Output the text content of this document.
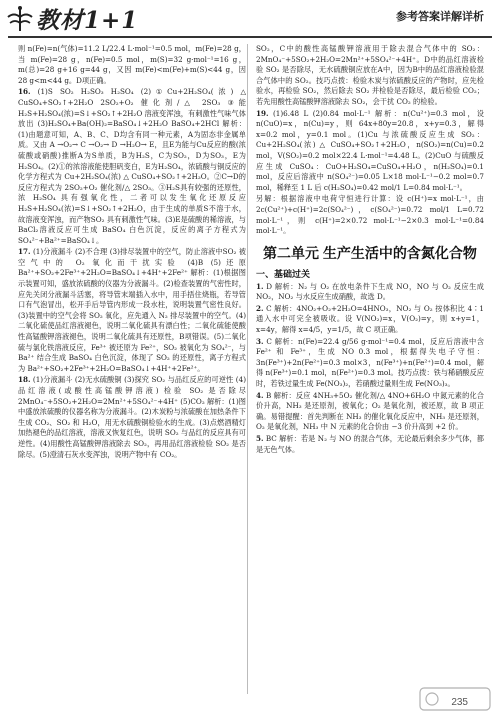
教材1+1	参考答案详解详析

则 n(Fe)=n(气体)=11.2 L/22.4 L·mol⁻¹=0.5 mol，m(Fe)=28 g，当 m(Fe)=28 g，n(Fe)=0.5 mol，m(S)=32 g·mol⁻¹=16 g，m(总)=28 g+16 g=44 g，又因 m(Fe)<m(Fe)+m(S)<44 g，因 28 g<m<44 g。D项正确。

16. (1)S SO₂ H₂SO₃ H₂SO₄ (2)①Cu+2H₂SO₄(浓) △ CuSO₄+SO₂↑+2H₂O 2SO₂+O₂ 催化剂/△ 2SO₃ ③能 H₂S+H₂SO₄(浓)=S↓+SO₂↑+2H₂O 溶液变浑浊，有刺激性气味气体放出 (3)H₂SO₄+Ba(OH)₂=BaSO₄↓+2H₂O BaSO₄+2HCl 解析：(1)由题意可知，A、B、C、D均含有同一种元素，A为固态非金属单质。又由 A →O₂→ C →O₂→ D →H₂O→ E，且E为能与Cu反应的酸(浓硫酸或硝酸)推断A为S单质，B为H₂S，C为SO₂，D为SO₃，E为H₂SO₄。(2)①的浓溶液能使胆矾变白，E为H₂SO₄，浓硫酸与铜反应的化学方程式为 Cu+2H₂SO₄(浓) △ CuSO₄+SO₂↑+2H₂O。②C→D的反应方程式为 2SO₂+O₂ 催化剂/△ 2SO₃。③H₂S具有较强的还原性，浓 H₂SO₄ 具有强氧化性，二者可以发生氧化还原反应 H₂S+H₂SO₄(浓)=S↓+SO₂↑+2H₂O，由于生成的单质S不溶于水，故溶液变浑浊，而产物SO₂ 具有刺激性气味。(3)E是硫酸的稀溶液，与BaCl₂溶液反应可生成 BaSO₄ 白色沉淀，反应的离子方程式为 SO₄²⁻+Ba²⁺=BaSO₄↓。

17. (1)分液漏斗 (2)不合理 (3)排尽装置中的空气，防止溶液中SO₂ 被空气中的 O₂ 氧化而干扰实验 (4)B (5)还原 Ba²⁺+SO₂+2Fe³⁺+2H₂O=BaSO₄↓+4H⁺+2Fe²⁺ 解析：(1)根据图示装置可知，盛放浓硫酸的仪器为分液漏斗。(2)检查装置的气密性时，应先关闭分液漏斗活塞，将导管末端插入水中，用手捂住烧瓶，若导管口有气泡冒出，松开手后导管内形成一段水柱，说明装置气密性良好。(3)装置中的空气会将 SO₂ 氧化，应先通入 N₂ 排尽装置中的空气。(4)二氧化硫使品红溶液褪色，说明二氧化硫具有漂白性；二氧化硫能使酸性高锰酸钾溶液褪色，说明二氧化硫具有还原性，B项错误。(5)二氧化硫与氯化铁溶液反应，Fe³⁺ 被还原为 Fe²⁺，SO₂ 被氧化为 SO₄²⁻，与 Ba²⁺ 结合生成 BaSO₄ 白色沉淀，体现了 SO₂ 的还原性，离子方程式为 Ba²⁺+SO₂+2Fe³⁺+2H₂O=BaSO₄↓+4H⁺+2Fe²⁺。

18. (1)分液漏斗 (2)无水硫酸铜 (3)探究 SO₂ 与品红反应的可逆性 (4)品红溶液(或酸性高锰酸钾溶液) 检验 SO₂ 是否除尽 2MnO₄⁻+5SO₂+2H₂O=2Mn²⁺+5SO₄²⁻+4H⁺ (5)CO₂ 解析：(1)图中盛放浓硫酸的仪器名称为分液漏斗。(2)木炭粉与浓硫酸在加热条件下生成 CO₂、SO₂ 和 H₂O，用无水硫酸铜检验水的生成。(3)点燃酒精灯加热褪色的品红溶液，溶液又恢复红色，说明 SO₂ 与品红的反应具有可逆性。(4)用酸性高锰酸钾溶液除去 SO₂，再用品红溶液检验 SO₂ 是否除尽。(5)澄清石灰水变浑浊，说明产物中有 CO₂。

SO₂，C中的酸性高锰酸钾溶液用于除去混合气体中的 SO₂：2MnO₄⁻+5SO₂+2H₂O=2Mn²⁺+5SO₄²⁻+4H⁺。D中的品红溶液检验 SO₂ 是否除尽，无水硫酸铜应放在A中，因为B中的品红溶液检验混合气体中的 SO₂。技巧点拨：检验木炭与浓硫酸反应的产物时，应先检验水，再检验 SO₂，然后除去 SO₂ 并检验是否除尽，最后检验 CO₂；若先用酸性高锰酸钾溶液除去 SO₂，会干扰 CO₂ 的检验。

19. (1)6.48 L (2)0.84 mol·L⁻¹ 解析：n(Cu²⁺)=0.3 mol，设 n(CuO)=x，n(Cu)=y，则 64x+80y=20.8，x+y=0.3，解得 x=0.2 mol，y=0.1 mol。(1)Cu 与浓硫酸反应生成 SO₂：Cu+2H₂SO₄(浓) △ CuSO₄+SO₂↑+2H₂O，n(SO₂)=n(Cu)=0.2 mol，V(SO₂)=0.2 mol×22.4 L·mol⁻¹=4.48 L。(2)CuO 与硫酸反应生成 CuSO₄：CuO+H₂SO₄=CuSO₄+H₂O，n(H₂SO₄)=0.1 mol，反应后溶液中 n(SO₄²⁻)=0.05 L×18 mol·L⁻¹−0.2 mol=0.7 mol，稀释至 1 L 后 c(H₂SO₄)=0.42 mol/1 L=0.84 mol·L⁻¹。

另解：根据溶液中电荷守恒进行计算：设 c(H⁺)=x mol·L⁻¹，由 2c(Cu²⁺)+c(H⁺)=2c(SO₄²⁻)，c(SO₄²⁻)=0.72 mol/1 L=0.72 mol·L⁻¹，则 c(H⁺)=2×0.72 mol·L⁻¹−2×0.3 mol·L⁻¹=0.84 mol·L⁻¹。

第二单元 生产生活中的含氮化合物
一、基础过关

1. D 解析：N₂ 与 O₂ 在放电条件下生成 NO，NO 与 O₂ 反应生成 NO₂，NO₂ 与水反应生成硝酸，故选 D。

2. C 解析：4NO₂+O₂+2H₂O=4HNO₃，NO₂ 与 O₂ 按体积比 4∶1 通入水中可完全被吸收。设 V(NO₂)=x，V(O₂)=y，则 x+y=1，x=4y，解得 x=4/5，y=1/5，故 C 项正确。

3. C 解析：n(Fe)=22.4 g/56 g·mol⁻¹=0.4 mol，反应后溶液中含 Fe²⁺ 和 Fe³⁺，生成 NO 0.3 mol，根据得失电子守恒：3n(Fe³⁺)+2n(Fe²⁺)=0.3 mol×3，n(Fe³⁺)+n(Fe²⁺)=0.4 mol，解得 n(Fe³⁺)=0.1 mol，n(Fe²⁺)=0.3 mol。技巧点拨：铁与稀硝酸反应时，若铁过量生成 Fe(NO₃)₂，若硝酸过量则生成 Fe(NO₃)₃。

4. B 解析：反应 4NH₃+5O₂ 催化剂/△ 4NO+6H₂O 中氮元素的化合价升高，NH₃ 是还原剂，被氧化；O₂ 是氧化剂，被还原，故 B 项正确。易错提醒：首先判断在 NH₃ 的催化氧化反应中，NH₃ 是还原剂，O₂ 是氧化剂，NH₃ 中 N 元素的化合价由 −3 价升高到 +2 价。

5. BC 解析：若是 N₂ 与 NO 的混合气体，无论最后剩余多少气体，都是无色气体。

235
